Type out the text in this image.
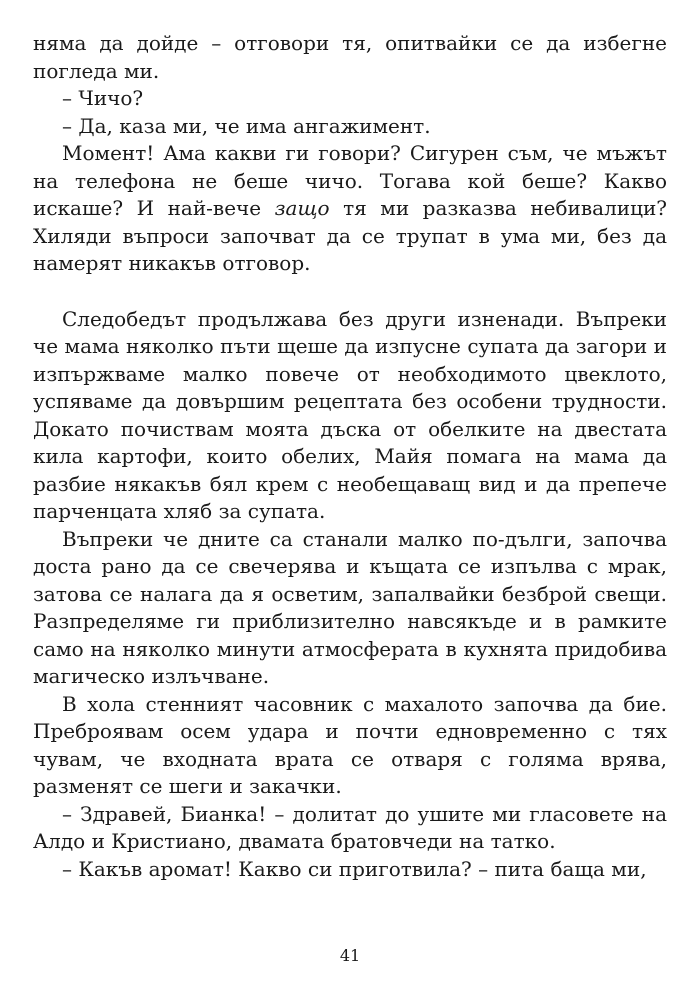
няма да дойде – отговори тя, опитвайки се да избегне погледа ми.

– Чичо?

– Да, каза ми, че има ангажимент.

Момент! Ама какви ги говори? Сигурен съм, че мъжът на телефона не беше чичо. Тогава кой беше? Какво искаше? И най-вече защо тя ми разказва небивалици? Хиляди въпроси започват да се трупат в ума ми, без да намерят никакъв отговор.

Следобедът продължава без други изненади. Въпреки че мама няколко пъти щеше да изпусне супата да загори и изпържваме малко повече от необходимото цвеклото, успяваме да довършим рецептата без особени трудности. Докато почиствам моята дъска от обелките на двестата кила картофи, които обелих, Майя помага на мама да разбие някакъв бял крем с необещаващ вид и да препече парченцата хляб за супата.

Въпреки че дните са станали малко по-дълги, започва доста рано да се свечерява и къщата се изпълва с мрак, затова се налага да я осветим, запалвайки безброй свещи. Разпределяме ги приблизително навсякъде и в рамките само на няколко минути атмосферата в кухнята придобива магическо излъчване.

В хола стенният часовник с махалото започва да бие. Преброявам осем удара и почти едновременно с тях чувам, че входната врата се отваря с голяма врява, разменят се шеги и закачки.

– Здравей, Бианка! – долитат до ушите ми гласовете на Алдо и Кристиано, двамата братовчеди на татко.

– Какъв аромат! Какво си приготвила? – пита баща ми,

41
